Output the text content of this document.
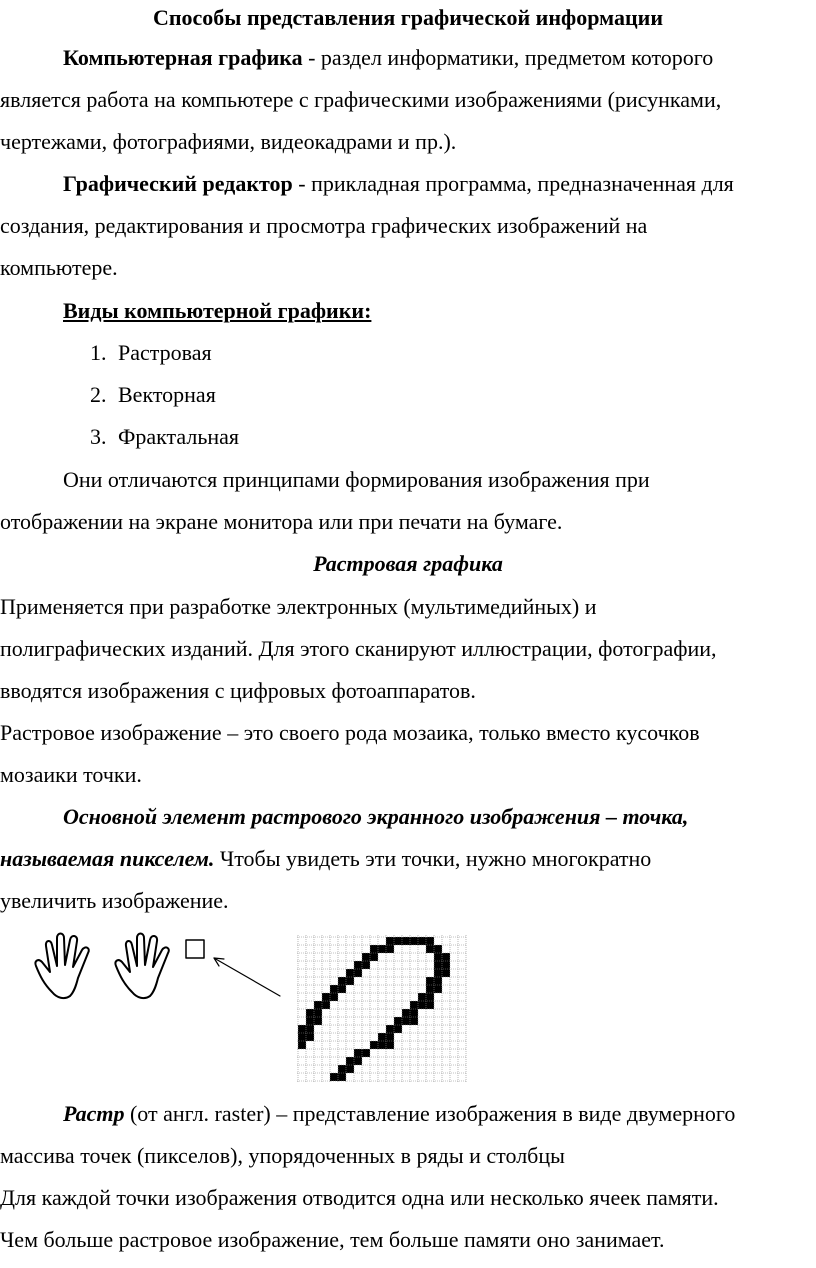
Способы представления графической информации
Компьютерная графика - раздел информатики, предметом которого
является работа на компьютере с графическими изображениями (рисунками,
чертежами, фотографиями, видеокадрами и пр.).
Графический редактор - прикладная программа, предназначенная для
создания, редактирования и просмотра графических изображений на
компьютере.
Виды компьютерной графики:
1. Растровая
2. Векторная
3. Фрактальная
Они отличаются принципами формирования изображения при
отображении на экране монитора или при печати на бумаге.
Растровая графика
Применяется при разработке электронных (мультимедийных) и
полиграфических изданий. Для этого сканируют иллюстрации, фотографии,
вводятся изображения с цифровых фотоаппаратов.
Растровое изображение – это своего рода мозаика, только вместо кусочков
мозаики точки.
Основной элемент растрового экранного изображения – точка,
называемая пикселем. Чтобы увидеть эти точки, нужно многократно
увеличить изображение.
Растр (от англ. raster) – представление изображения в виде двумерного
массива точек (пикселов), упорядоченных в ряды и столбцы
Для каждой точки изображения отводится одна или несколько ячеек памяти.
Чем больше растровое изображение, тем больше памяти оно занимает.
